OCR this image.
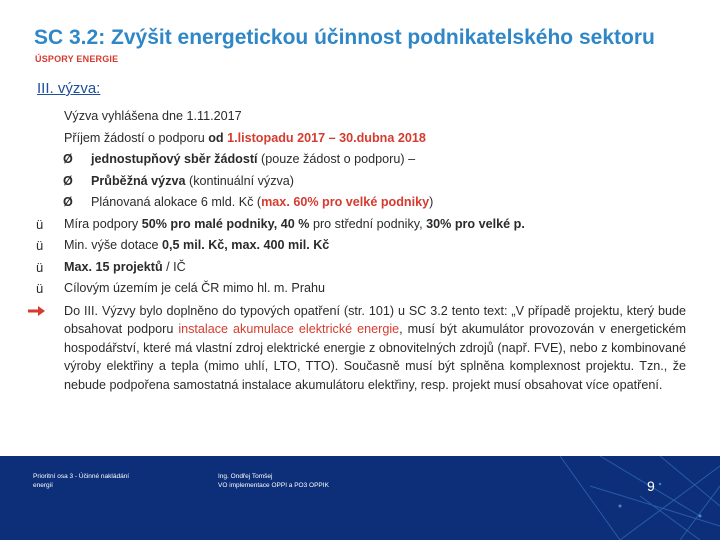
SC 3.2: Zvýšit energetickou účinnost podnikatelského sektoru
ÚSPORY ENERGIE
III. výzva:
Výzva vyhlášena dne 1.11.2017
Příjem žádostí o podporu od 1.listopadu 2017 – 30.dubna 2018
Ø jednostupňový sběr žádostí (pouze žádost o podporu) –
Ø Průběžná výzva (kontinuální výzva)
Ø Plánovaná alokace 6 mld. Kč (max. 60% pro velké podniky)
ü Míra podpory 50% pro malé podniky, 40 % pro střední podniky, 30% pro velké p.
ü Min. výše dotace 0,5 mil. Kč, max. 400 mil. Kč
ü Max. 15 projektů / IČ
ü Cílovým územím je celá ČR mimo hl. m. Prahu
Do III. Výzvy bylo doplněno do typových opatření (str. 101) u SC 3.2 tento text: „V případě projektu, který bude obsahovat podporu instalace akumulace elektrické energie, musí být akumulátor provozován v energetickém hospodářství, které má vlastní zdroj elektrické energie z obnovitelných zdrojů (např. FVE), nebo z kombinované výroby elektřiny a tepla (mimo uhlí, LTO, TTO). Současně musí být splněna komplexnost projektu. Tzn., že nebude podpořena samostatná instalace akumulátoru elektřiny, resp. projekt musí obsahovat více opatření.
Prioritní osa 3 - Účinné nakládání
energií
Ing. Ondřej Tomšej
VO implementace OPPI a PO3 OPPIK	9
